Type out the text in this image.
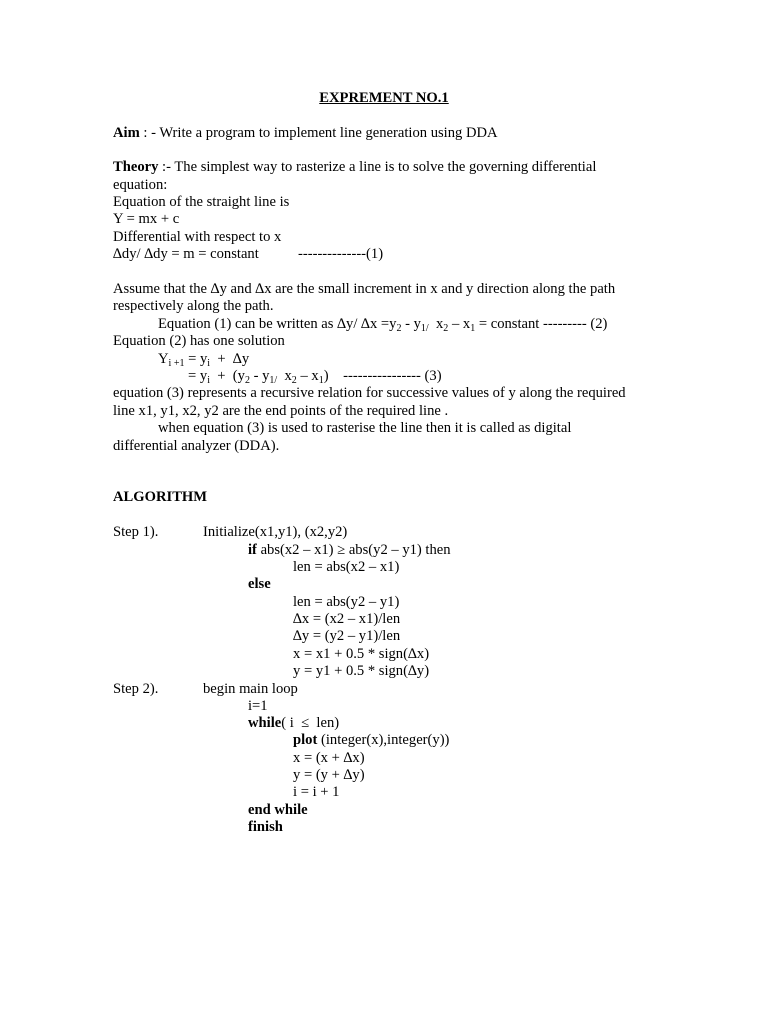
EXPREMENT NO.1
Aim : - Write a program to implement line generation using DDA
Theory :- The simplest way to rasterize a line is to solve the governing differential
equation:
Equation of the straight line is
Y = mx + c
Differential with respect to x
∆dy/ ∆dy = m = constant	--------------(1)
Assume that the ∆y and ∆x are the small increment in x and y direction along the path
respectively along the path.
Equation (1) can be written as ∆y/ $\Delta x =y_2 - y_{1/}$  $x_2 - x_1$ = constant --------- (2)
Equation (2) has one solution
$Y_{i +1} = y_i + \Delta y$
= $y_i + (y_2 - y_{1/}$  $x_2 - x_1$)    ---------------- (3)
equation (3) represents a recursive relation for successive values of y along the required
line x1, y1, x2, y2 are the end points of the required line .
when equation (3) is used to rasterise the line then it is called as digital
differential analyzer (DDA).
ALGORITHM
Step 1).	Initialize(x1,y1), (x2,y2)
if abs(x2 – x1) ≥ abs(y2 – y1) then
len = abs(x2 – x1)
else
len = abs(y2 – y1)
∆x = (x2 – x1)/len
∆y = (y2 – y1)/len
x = x1 + 0.5 * sign(∆x)
y = y1 + 0.5 * sign(∆y)
Step 2).	begin main loop
i=1
while( i  ≤  len)
plot (integer(x),integer(y))
x = (x + ∆x)
y = (y + ∆y)
i = i + 1
end while
finish
